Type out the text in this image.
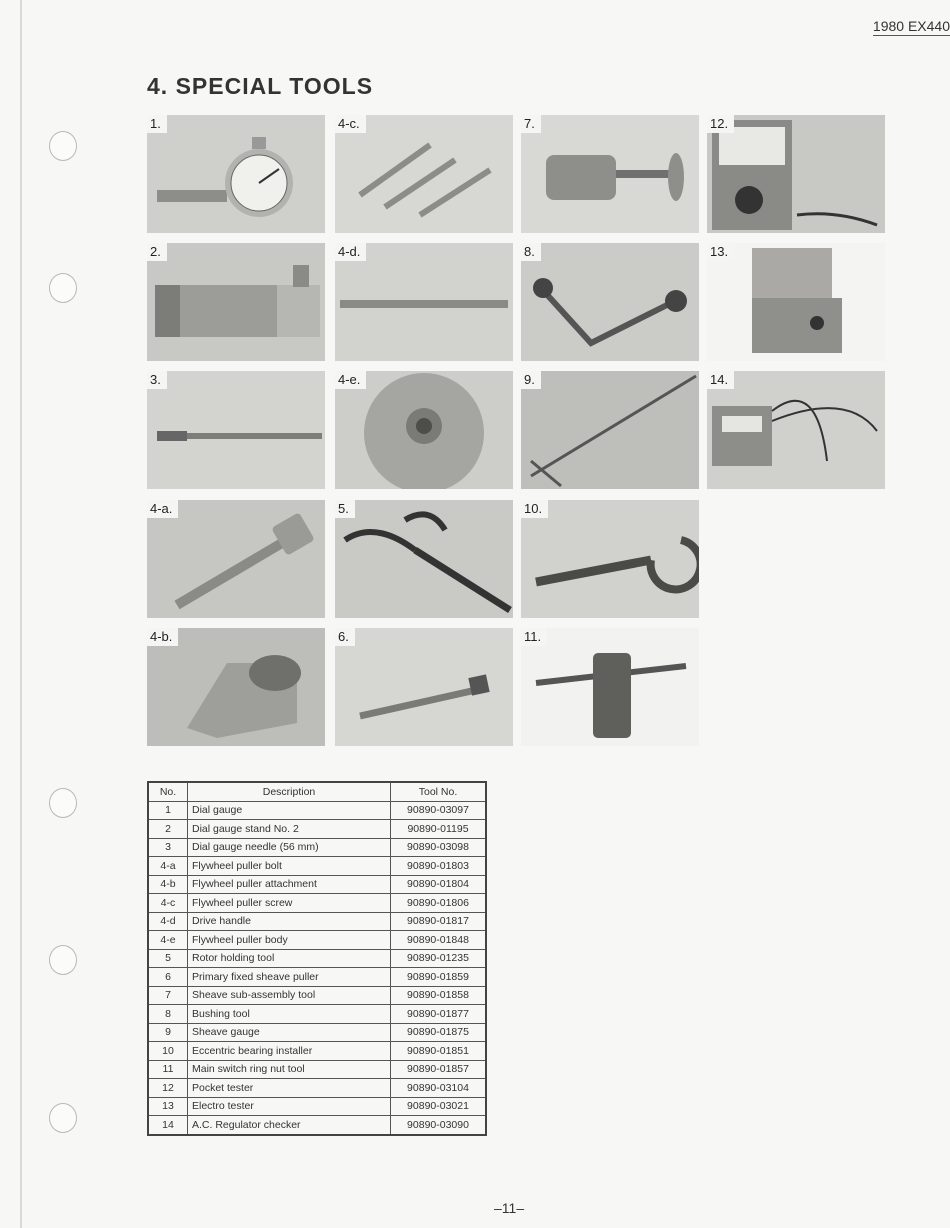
1980 EX440
4. SPECIAL TOOLS
1.
2.
3.
4-a.
4-b.
4-c.
4-d.
4-e.
5.
6.
7.
8.
9.
10.
11.
12.
13.
14.
No.	Description	Tool No.
1	Dial gauge	90890-03097
2	Dial gauge stand No. 2	90890-01195
3	Dial gauge needle (56 mm)	90890-03098
4-a	Flywheel puller bolt	90890-01803
4-b	Flywheel puller attachment	90890-01804
4-c	Flywheel puller screw	90890-01806
4-d	Drive handle	90890-01817
4-e	Flywheel puller body	90890-01848
5	Rotor holding tool	90890-01235
6	Primary fixed sheave puller	90890-01859
7	Sheave sub-assembly tool	90890-01858
8	Bushing tool	90890-01877
9	Sheave gauge	90890-01875
10	Eccentric bearing installer	90890-01851
11	Main switch ring nut tool	90890-01857
12	Pocket tester	90890-03104
13	Electro tester	90890-03021
14	A.C. Regulator checker	90890-03090
–11–
